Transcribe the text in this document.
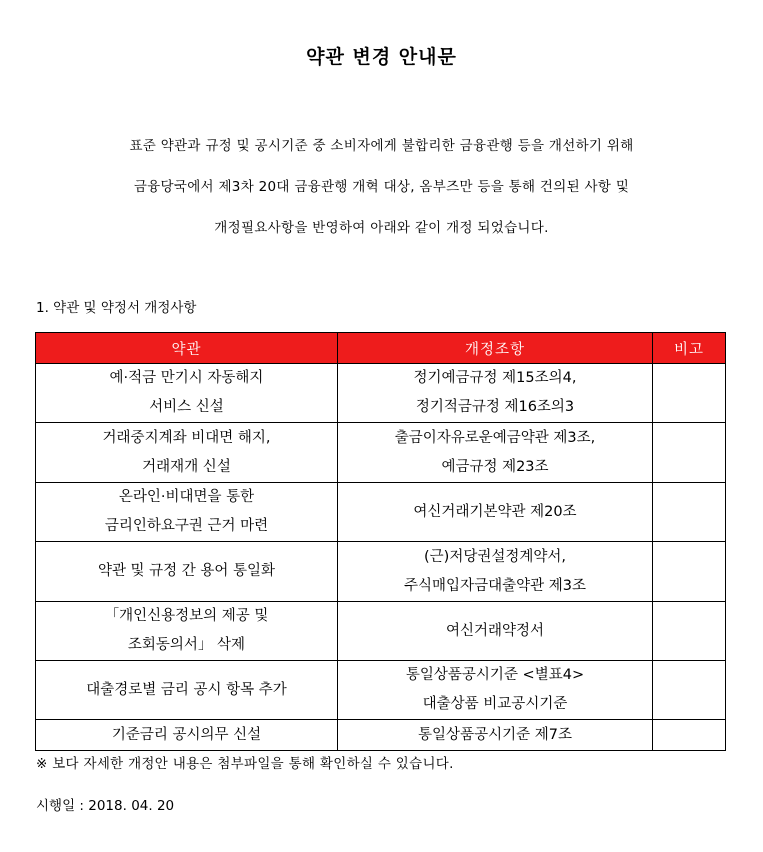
약관 변경 안내문
표준 약관과 규정 및 공시기준 중 소비자에게 불합리한 금융관행 등을 개선하기 위해
금융당국에서 제3차 20대 금융관행 개혁 대상, 옴부즈만 등을 통해 건의된 사항 및
개정필요사항을 반영하여 아래와 같이 개정 되었습니다.
1. 약관 및 약정서 개정사항
약관	개정조항	비고

예·적금 만기시 자동해지
서비스 신설	정기예금규정 제15조의4,
정기적금규정 제16조의3	

거래중지계좌 비대면 해지,
거래재개 신설	출금이자유로운예금약관 제3조,
예금규정 제23조	

온라인·비대면을 통한
금리인하요구권 근거 마련	여신거래기본약관 제20조	

약관 및 규정 간 용어 통일화	(근)저당권설정계약서,
주식매입자금대출약관 제3조	

「개인신용정보의 제공 및
조회동의서」 삭제	여신거래약정서	

대출경로별 금리 공시 항목 추가	통일상품공시기준 <별표4>
대출상품 비교공시기준	

기준금리 공시의무 신설	통일상품공시기준 제7조	

※ 보다 자세한 개정안 내용은 첨부파일을 통해 확인하실 수 있습니다.
시행일 : 2018. 04. 20
